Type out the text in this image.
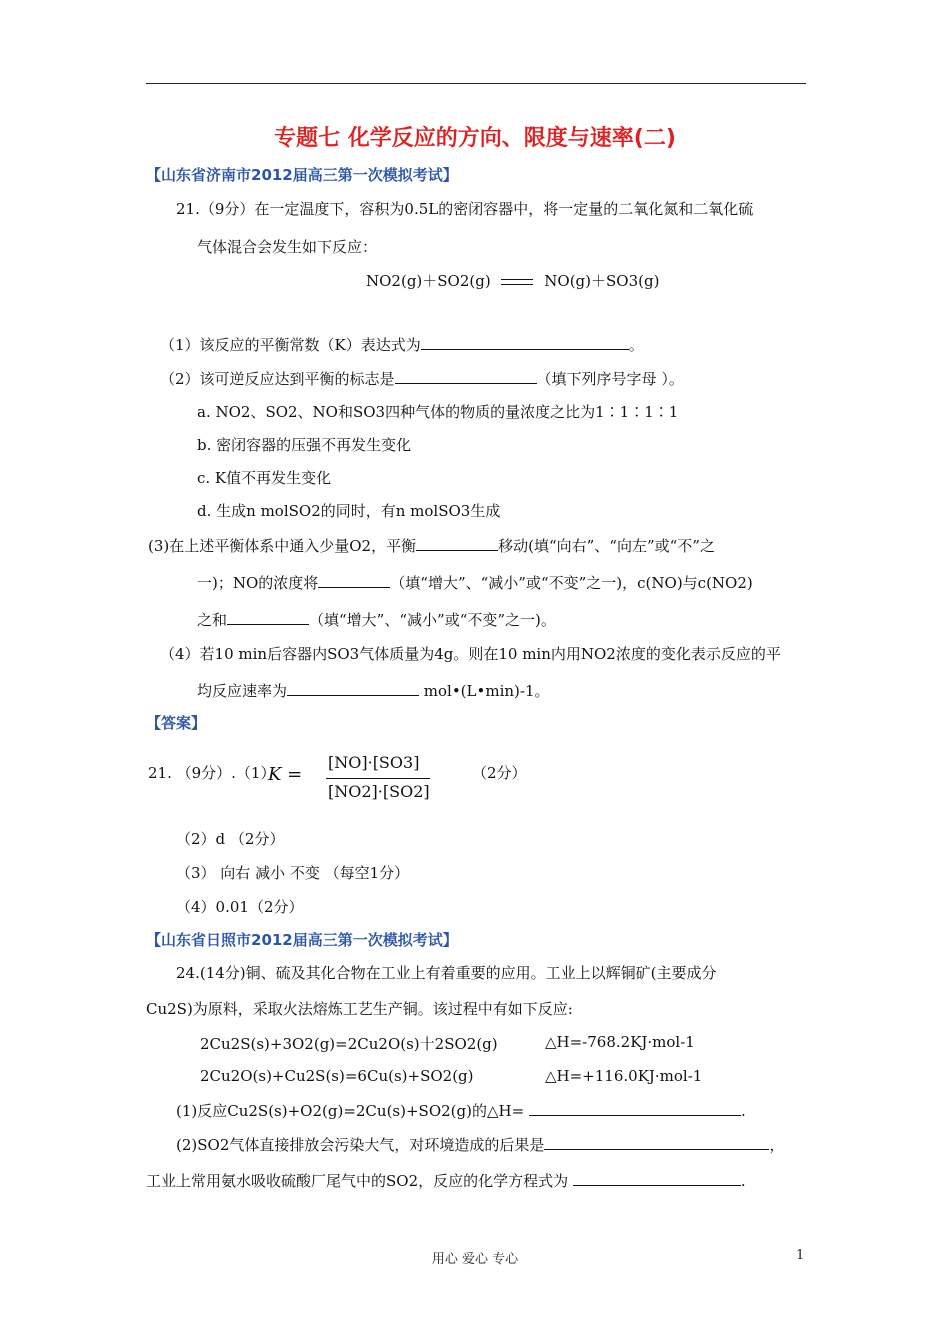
专题七 化学反应的方向、限度与速率(二)
【山东省济南市2012届高三第一次模拟考试】
21.（9分）在一定温度下，容积为0.5L的密闭容器中，将一定量的二氧化氮和二氧化硫
气体混合会发生如下反应：
NO2(g)＋SO2(g)	NO(g)＋SO3(g)
（1）该反应的平衡常数（K）表达式为	。
（2）该可逆反应达到平衡的标志是	（填下列序号字母 ）。
a. NO2、SO2、NO和SO3四种气体的物质的量浓度之比为1∶1∶1∶1
b. 密闭容器的压强不再发生变化
c. K值不再发生变化
d. 生成n molSO2的同时，有n molSO3生成
(3)在上述平衡体系中通入少量O2，平衡	移动(填“向右”、“向左”或“不”之
一)；NO的浓度将	（填“增大”、“减小”或“不变”之一)，c(NO)与c(NO2)
之和	（填“增大”、“减小”或“不变”之一)。
（4）若10 min后容器内SO3气体质量为4g。则在10 min内用NO2浓度的变化表示反应的平
均反应速率为	mol•(L•min)-1。
【答案】
21. （9分）.（1）
K =
[NO]·[SO3]
[NO2]·[SO2]
（2分）
（2）d （2分）
（3） 向右 减小 不变 （每空1分）
（4）0.01（2分）
【山东省日照市2012届高三第一次模拟考试】
24.(14分)铜、硫及其化合物在工业上有着重要的应用。工业上以辉铜矿(主要成分
Cu2S)为原料，采取火法熔炼工艺生产铜。该过程中有如下反应:
2Cu2S(s)+3O2(g)=2Cu2O(s)十2SO2(g)	△H=-768.2KJ·mol-1
2Cu2O(s)+Cu2S(s)=6Cu(s)+SO2(g)	△H=+116.0KJ·mol-1
(1)反应Cu2S(s)+O2(g)=2Cu(s)+SO2(g)的△H=	.
(2)SO2气体直接排放会污染大气，对环境造成的后果是	，
工业上常用氨水吸收硫酸厂尾气中的SO2，反应的化学方程式为	.
用心 爱心 专心	1
